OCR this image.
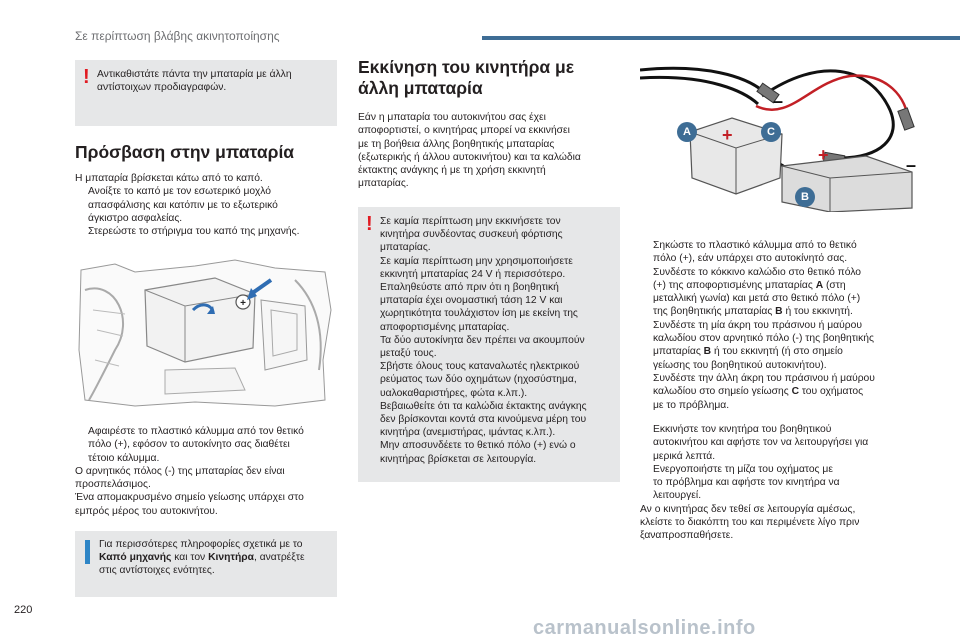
Σε περίπτωση βλάβης ακινητοποίησης
! Αντικαθιστάτε πάντα την μπαταρία με άλλη
αντίστοιχων προδιαγραφών.
Πρόσβαση στην μπαταρία

Η μπαταρία βρίσκεται κάτω από το καπό.

Ανοίξτε το καπό με τον εσωτερικό μοχλό
απασφάλισης και κατόπιν με το εξωτερικό
άγκιστρο ασφαλείας.
Στερεώστε το στήριγμα του καπό της μηχανής.
+
Αφαιρέστε το πλαστικό κάλυμμα από τον θετικό
πόλο (+), εφόσον το αυτοκίνητο σας διαθέτει
τέτοιο κάλυμμα.
Ο αρνητικός πόλος (-) της μπαταρίας δεν είναι
προσπελάσιμος.
Ένα απομακρυσμένο σημείο γείωσης υπάρχει στο
εμπρός μέρος του αυτοκινήτου.
Για περισσότερες πληροφορίες σχετικά με το
Καπό μηχανής και τον Κινητήρα, ανατρέξτε
στις αντίστοιχες ενότητες.
Εκκίνηση του κινητήρα με
άλλη μπαταρία
Εάν η μπαταρία του αυτοκινήτου σας έχει
αποφορτιστεί, ο κινητήρας μπορεί να εκκινήσει
με τη βοήθεια άλλης βοηθητικής μπαταρίας
(εξωτερικής ή άλλου αυτοκινήτου) και τα καλώδια
έκτακτης ανάγκης ή με τη χρήση εκκινητή
μπαταρίας.
! Σε καμία περίπτωση μην εκκινήσετε τον
κινητήρα συνδέοντας συσκευή φόρτισης
μπαταρίας.
Σε καμία περίπτωση μην χρησιμοποιήσετε
εκκινητή μπαταρίας 24 V ή περισσότερο.
Επαληθεύστε από πριν ότι η βοηθητική
μπαταρία έχει ονομαστική τάση 12 V και
χωρητικότητα τουλάχιστον ίση με εκείνη της
αποφορτισμένης μπαταρίας.
Τα δύο αυτοκίνητα δεν πρέπει να ακουμπούν
μεταξύ τους.
Σβήστε όλους τους καταναλωτές ηλεκτρικού
ρεύματος των δύο οχημάτων (ηχοσύστημα,
υαλοκαθαριστήρες, φώτα κ.λπ.).
Βεβαιωθείτε ότι τα καλώδια έκτακτης ανάγκης
δεν βρίσκονται κοντά στα κινούμενα μέρη του
κινητήρα (ανεμιστήρας, ιμάντας κ.λπ.).
Μην αποσυνδέετε το θετικό πόλο (+) ενώ ο
κινητήρας βρίσκεται σε λειτουργία.
A	C
B
+
–
+	–
Σηκώστε το πλαστικό κάλυμμα από το θετικό
πόλο (+), εάν υπάρχει στο αυτοκίνητό σας.
Συνδέστε το κόκκινο καλώδιο στο θετικό πόλο
(+) της αποφορτισμένης μπαταρίας A (στη
μεταλλική γωνία) και μετά στο θετικό πόλο (+)
της βοηθητικής μπαταρίας B ή του εκκινητή.
Συνδέστε τη μία άκρη του πράσινου ή μαύρου
καλωδίου στον αρνητικό πόλο (-) της βοηθητικής
μπαταρίας B ή του εκκινητή (ή στο σημείο
γείωσης του βοηθητικού αυτοκινήτου).
Συνδέστε την άλλη άκρη του πράσινου ή μαύρου
καλωδίου στο σημείο γείωσης C του οχήματος
με το πρόβλημα.
Εκκινήστε τον κινητήρα του βοηθητικού
αυτοκινήτου και αφήστε τον να λειτουργήσει για
μερικά λεπτά.
Ενεργοποιήστε τη μίζα του οχήματος με
το πρόβλημα και αφήστε τον κινητήρα να
λειτουργεί.
Αν ο κινητήρας δεν τεθεί σε λειτουργία αμέσως,
κλείστε το διακόπτη του και περιμένετε λίγο πριν
ξαναπροσπαθήσετε.
220
carmanualsonline.info
